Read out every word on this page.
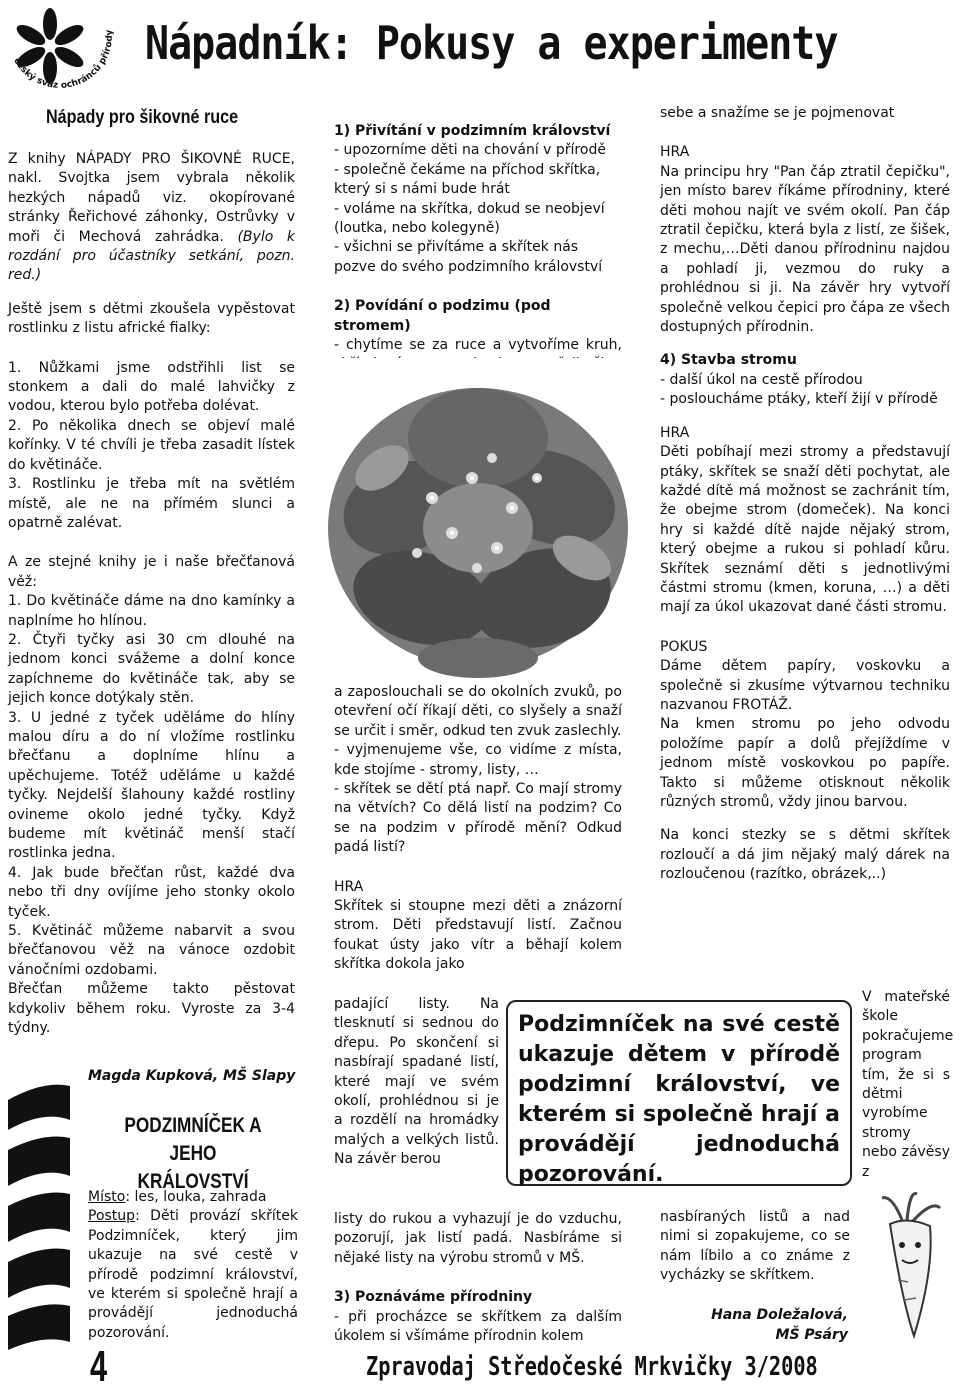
český svaz ochránců přírody Nápadník: Pokusy a experimenty
Nápady pro šikovné ruce

Z knihy NÁPADY PRO ŠIKOVNÉ RUCE, nakl. Svojtka jsem vybrala několik hezkých nápadů viz. okopírované stránky Řeřichové záhonky, Ostrůvky v moři či Mechová zahrádka. (Bylo k rozdání pro účastníky setkání, pozn. red.)

Ještě jsem s dětmi zkoušela vypěstovat rostlinku z listu africké fialky:

1. Nůžkami jsme odstřihli list se stonkem a dali do malé lahvičky z vodou, kterou bylo potřeba dolévat.

2. Po několika dnech se objeví malé kořínky. V té chvíli je třeba zasadit lístek do květináče.

3. Rostlinku je třeba mít na světlém místě, ale ne na přímém slunci a opatrně zalévat.

A ze stejné knihy je i naše břečťanová věž:

1. Do květináče dáme na dno kamínky a naplníme ho hlínou.

2. Čtyři tyčky asi 30 cm dlouhé na jednom konci svážeme a dolní konce zapíchneme do květináče tak, aby se jejich konce dotýkaly stěn.

3. U jedné z tyček uděláme do hlíny malou díru a do ní vložíme rostlinku břečťanu a doplníme hlínu a upěchujeme. Totéž uděláme u každé tyčky. Nejdelší šlahouny každé rostliny ovineme okolo jedné tyčky. Když budeme mít květináč menší stačí rostlinka jedna.

4. Jak bude břečťan růst, každé dva nebo tři dny ovíjíme jeho stonky okolo tyček.

5. Květináč můžeme nabarvit a svou břečťanovou věž na vánoce ozdobit vánočními ozdobami.

Břečťan můžeme takto pěstovat kdykoliv během roku. Vyroste za 3-4 týdny.

Magda Kupková, MŠ Slapy
PODZIMNÍČEK A JEHO
KRÁLOVSTVÍ

Místo: les, louka, zahrada

Postup: Děti provází skřítek Podzimníček, který jim ukazuje na své cestě v přírodě podzimní království, ve kterém si společně hrají a provádějí jednoduchá pozorování.

1) Přivítání v podzimním království

- upozorníme děti na chování v přírodě

- společně čekáme na příchod skřítka, který si s námi bude hrát

- voláme na skřítka, dokud se neobjeví (loutka, nebo kolegyně)

- všichni se přivítáme a skřítek nás pozve do svého podzimního království

2) Povídání o podzimu (pod stromem)

- chytíme se za ruce a vytvoříme kruh,

a zaposlouchali se do okolních zvuků, po otevření očí říkají děti, co slyšely a snaží se určit i směr, odkud ten zvuk zaslechly.

- vyjmenujeme vše, co vidíme z místa, kde stojíme - stromy, listy, …

- skřítek se dětí ptá např. Co mají stromy na větvích? Co dělá listí na podzim? Co se na podzim v přírodě mění? Odkud padá listí?

HRA

Skřítek si stoupne mezi děti a znázorní strom. Děti představují listí. Začnou foukat ústy jako vítr a běhají kolem skřítka dokola jako

padající listy. Na tlesknutí si sednou do dřepu. Po skončení si nasbírají spadané listí, které mají ve svém okolí, prohlédnou si je a rozdělí na hromádky malých a velkých listů. Na závěr berou

listy do rukou a vyhazují je do vzduchu, pozorují, jak listí padá. Nasbíráme si nějaké listy na výrobu stromů v MŠ.

3) Poznáváme přírodniny

- při procházce se skřítkem za dalším úkolem si všímáme přírodnin kolem

Podzimníček na své cestě ukazuje dětem v přírodě podzimní království, ve kterém si společně hrají a provádějí jednoduchá pozorování.

sebe a snažíme se je pojmenovat

HRA

Na principu hry "Pan čáp ztratil čepičku", jen místo barev říkáme přírodniny, které děti mohou najít ve svém okolí. Pan čáp ztratil čepičku, která byla z listí, ze šišek, z mechu,…Děti danou přírodninu najdou a pohladí ji, vezmou do ruky a prohlédnou si ji. Na závěr hry vytvoří společně velkou čepici pro čápa ze všech dostupných přírodnin.

4) Stavba stromu

- další úkol na cestě přírodou

- posloucháme ptáky, kteří žijí v přírodě

HRA

Děti pobíhají mezi stromy a představují ptáky, skřítek se snaží děti pochytat, ale každé dítě má možnost se zachránit tím, že obejme strom (domeček). Na konci hry si každé dítě najde nějaký strom, který obejme a rukou si pohladí kůru. Skřítek seznámí děti s jednotlivými částmi stromu (kmen, koruna, …) a děti mají za úkol ukazovat dané části stromu.

POKUS

Dáme dětem papíry, voskovku a společně si zkusíme výtvarnou techniku nazvanou FROTÁŽ.

Na kmen stromu po jeho odvodu položíme papír a dolů přejíždíme v jednom místě voskovkou po papíře. Takto si můžeme otisknout několik různých stromů, vždy jinou barvou.

Na konci stezky se s dětmi skřítek rozloučí a dá jim nějaký malý dárek na rozloučenou (razítko, obrázek,..)

V mateřské škole pokračujeme program tím, že si s dětmi vyrobíme stromy nebo závěsy z
nasbíraných listů a nad nimi si zopakujeme, co se nám líbilo a co známe z vycházky se skřítkem.
Hana Doležalová,
MŠ Psáry
4	Zpravodaj Středočeské Mrkvičky 3/2008
